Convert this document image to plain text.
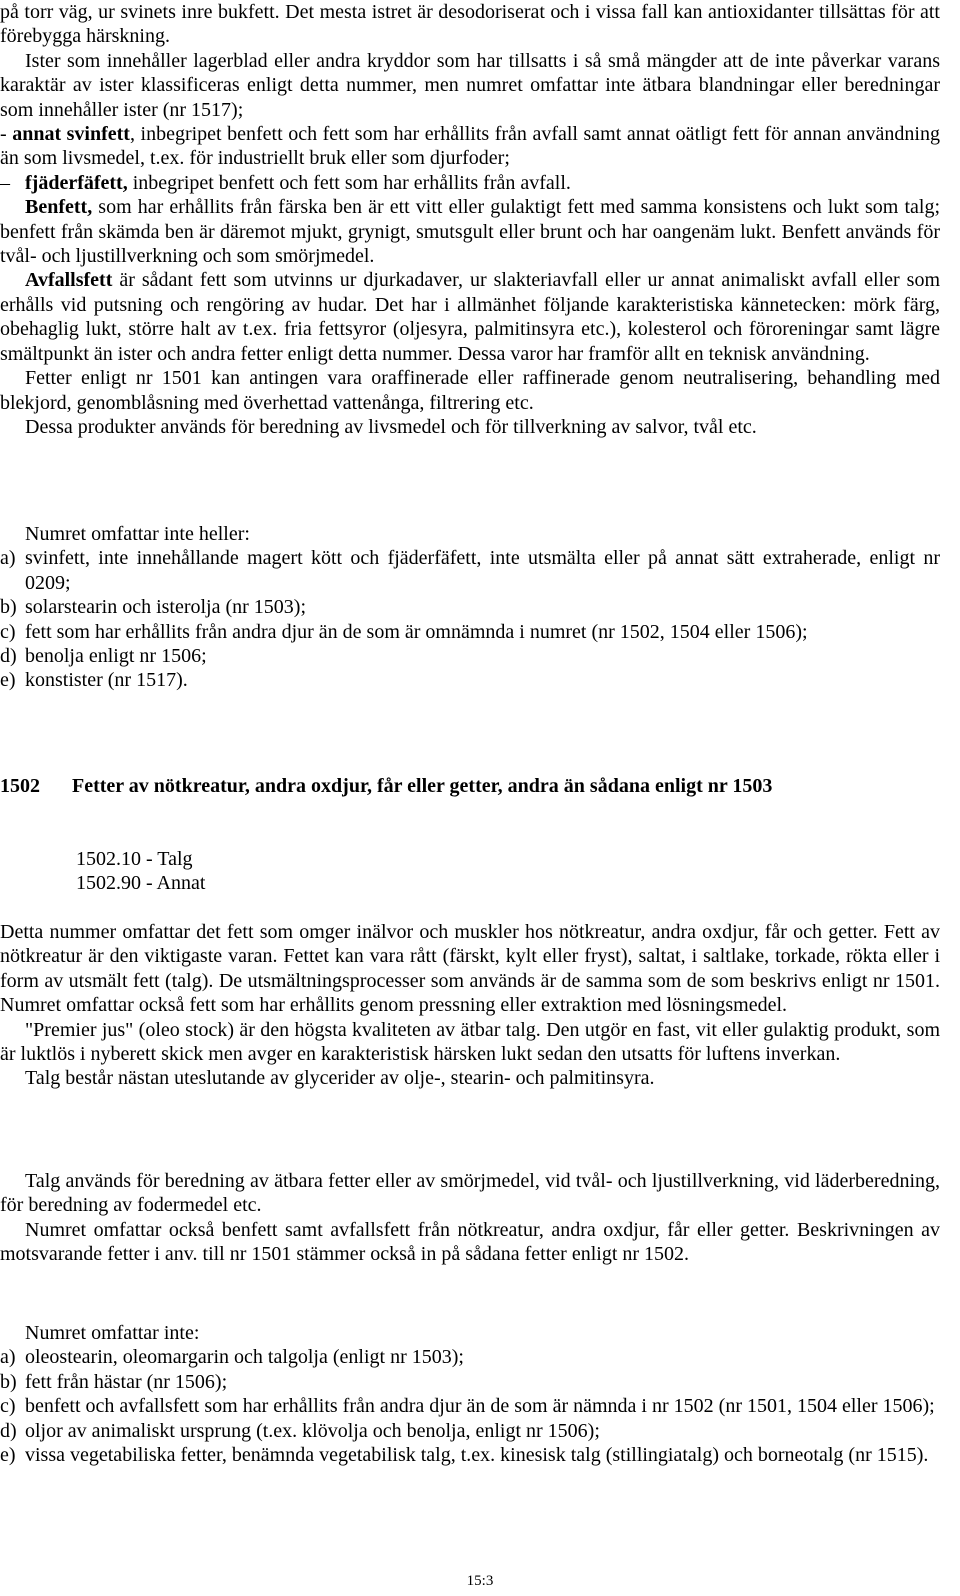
på torr väg, ur svinets inre bukfett. Det mesta istret är desodoriserat och i vissa fall kan antioxidanter tillsättas för att förebygga härskning.

Ister som innehåller lagerblad eller andra kryddor som har tillsatts i så små mängder att de inte påverkar varans karaktär av ister klassificeras enligt detta nummer, men numret omfattar inte ätbara blandningar eller beredningar som innehåller ister (nr 1517);

- annat svinfett, inbegripet benfett och fett som har erhållits från avfall samt annat oätligt fett för annan användning än som livsmedel, t.ex. för industriellt bruk eller som djurfoder;

– fjäderfäfett, inbegripet benfett och fett som har erhållits från avfall.

Benfett, som har erhållits från färska ben är ett vitt eller gulaktigt fett med samma konsistens och lukt som talg; benfett från skämda ben är däremot mjukt, grynigt, smutsgult eller brunt och har oangenäm lukt. Benfett används för tvål- och ljustillverkning och som smörjmedel.

Avfallsfett är sådant fett som utvinns ur djurkadaver, ur slakteriavfall eller ur annat animaliskt avfall eller som erhålls vid putsning och rengöring av hudar. Det har i allmänhet följande karakteristiska kännetecken: mörk färg, obehaglig lukt, större halt av t.ex. fria fettsyror (oljesyra, palmitinsyra etc.), kolesterol och föroreningar samt lägre smältpunkt än ister och andra fetter enligt detta nummer. Dessa varor har framför allt en teknisk användning.

Fetter enligt nr 1501 kan antingen vara oraffinerade eller raffinerade genom neutralisering, behandling med blekjord, genomblåsning med överhettad vattenånga, filtrering etc.

Dessa produkter används för beredning av livsmedel och för tillverkning av salvor, tvål etc.

Numret omfattar inte heller:

a) svinfett, inte innehållande magert kött och fjäderfäfett, inte utsmälta eller på annat sätt extraherade, enligt nr 0209;
b) solarstearin och isterolja (nr 1503);
c) fett som har erhållits från andra djur än de som är omnämnda i numret (nr 1502, 1504 eller 1506);
d) benolja enligt nr 1506;
e) konstister (nr 1517).
1502	Fetter av nötkreatur, andra oxdjur, får eller getter, andra än sådana enligt nr 1503

1502.10 - Talg

1502.90 - Annat

Detta nummer omfattar det fett som omger inälvor och muskler hos nötkreatur, andra oxdjur, får och getter. Fett av nötkreatur är den viktigaste varan. Fettet kan vara rått (färskt, kylt eller fryst), saltat, i saltlake, torkade, rökta eller i form av utsmält fett (talg). De utsmältningsprocesser som används är de samma som de som beskrivs enligt nr 1501. Numret omfattar också fett som har erhållits genom pressning eller extraktion med lösningsmedel.

"Premier jus" (oleo stock) är den högsta kvaliteten av ätbar talg. Den utgör en fast, vit eller gulaktig produkt, som är luktlös i nyberett skick men avger en karakteristisk härsken lukt sedan den utsatts för luftens inverkan.

Talg består nästan uteslutande av glycerider av olje-, stearin- och palmitinsyra.

Talg används för beredning av ätbara fetter eller av smörjmedel, vid tvål- och ljustillverkning, vid läderberedning, för beredning av fodermedel etc.

Numret omfattar också benfett samt avfallsfett från nötkreatur, andra oxdjur, får eller getter. Beskrivningen av motsvarande fetter i anv. till nr 1501 stämmer också in på sådana fetter enligt nr 1502.

Numret omfattar inte:

a) oleostearin, oleomargarin och talgolja (enligt nr 1503);
b) fett från hästar (nr 1506);
c) benfett och avfallsfett som har erhållits från andra djur än de som är nämnda i nr 1502 (nr 1501, 1504 eller 1506);
d) oljor av animaliskt ursprung (t.ex. klövolja och benolja, enligt nr 1506);
e) vissa vegetabiliska fetter, benämnda vegetabilisk talg, t.ex. kinesisk talg (stillingiatalg) och borneotalg (nr 1515).
15:3
